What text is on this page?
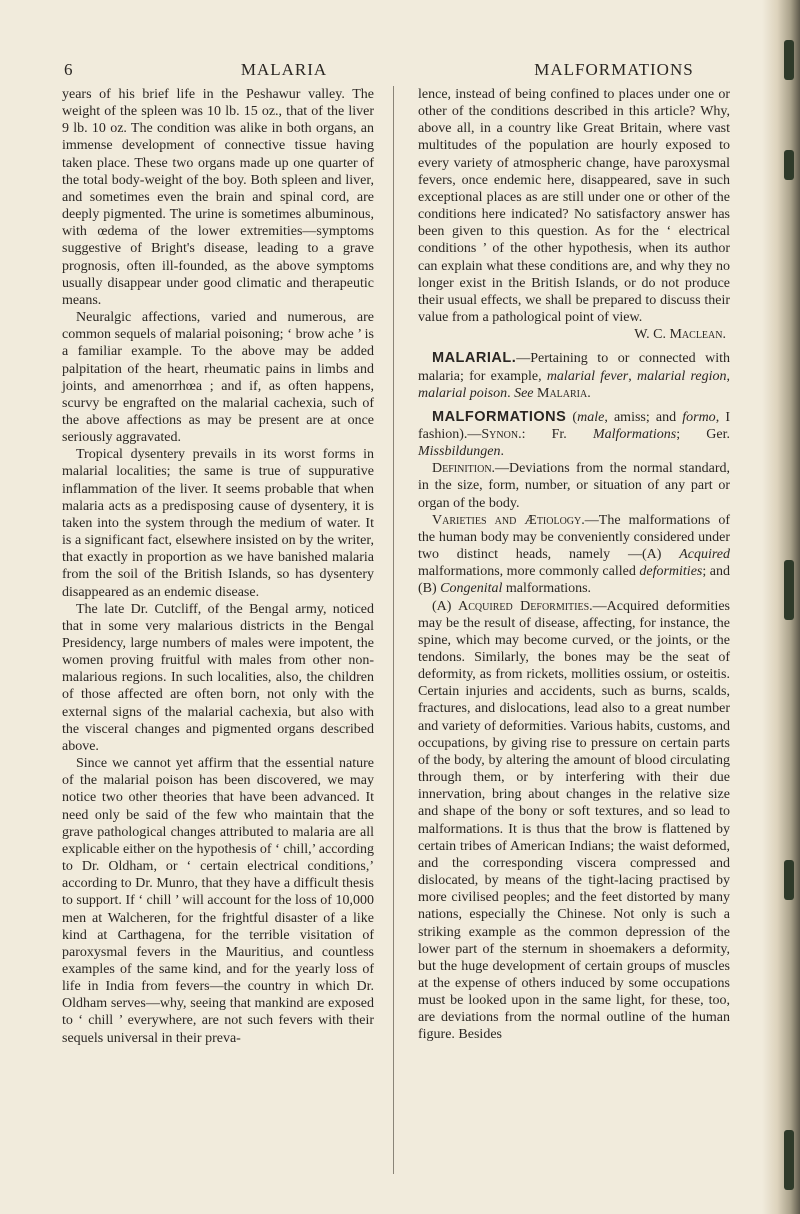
6	MALARIA	MALFORMATIONS

years of his brief life in the Peshawur valley. The weight of the spleen was 10 lb. 15 oz., that of the liver 9 lb. 10 oz. The condition was alike in both organs, an immense development of connective tissue having taken place. These two organs made up one quarter of the total body-weight of the boy. Both spleen and liver, and sometimes even the brain and spinal cord, are deeply pigmented. The urine is sometimes albuminous, with œdema of the lower extremities—symptoms suggestive of Bright's disease, leading to a grave prognosis, often ill-founded, as the above symptoms usually disappear under good climatic and therapeutic means.

Neuralgic affections, varied and numerous, are common sequels of malarial poisoning; ‘ brow ache ’ is a familiar example. To the above may be added palpitation of the heart, rheumatic pains in limbs and joints, and amenorrhœa ; and if, as often happens, scurvy be engrafted on the malarial cachexia, such of the above affections as may be present are at once seriously aggravated.

Tropical dysentery prevails in its worst forms in malarial localities; the same is true of suppurative inflammation of the liver. It seems probable that when malaria acts as a predisposing cause of dysentery, it is taken into the system through the medium of water. It is a significant fact, elsewhere insisted on by the writer, that exactly in proportion as we have banished malaria from the soil of the British Islands, so has dysentery disappeared as an endemic disease.

The late Dr. Cutcliff, of the Bengal army, noticed that in some very malarious districts in the Bengal Presidency, large numbers of males were impotent, the women proving fruitful with males from other non-malarious regions. In such localities, also, the children of those affected are often born, not only with the external signs of the malarial cachexia, but also with the visceral changes and pigmented organs described above.

Since we cannot yet affirm that the essential nature of the malarial poison has been discovered, we may notice two other theories that have been advanced. It need only be said of the few who maintain that the grave pathological changes attributed to malaria are all explicable either on the hypothesis of ‘ chill,’ according to Dr. Oldham, or ‘ certain electrical conditions,’ according to Dr. Munro, that they have a difficult thesis to support. If ‘ chill ’ will account for the loss of 10,000 men at Walcheren, for the frightful disaster of a like kind at Carthagena, for the terrible visitation of paroxysmal fevers in the Mauritius, and countless examples of the same kind, and for the yearly loss of life in India from fevers—the country in which Dr. Oldham serves—why, seeing that mankind are exposed to ‘ chill ’ everywhere, are not such fevers with their sequels universal in their preva-

lence, instead of being confined to places under one or other of the conditions described in this article? Why, above all, in a country like Great Britain, where vast multitudes of the population are hourly exposed to every variety of atmospheric change, have paroxysmal fevers, once endemic here, disappeared, save in such exceptional places as are still under one or other of the conditions here indicated? No satisfactory answer has been given to this question. As for the ‘ electrical conditions ’ of the other hypothesis, when its author can explain what these conditions are, and why they no longer exist in the British Islands, or do not produce their usual effects, we shall be prepared to discuss their value from a pathological point of view.

W. C. Maclean.

MALARIAL.—Pertaining to or connected with malaria; for example, malarial fever, malarial region, malarial poison. See Malaria.

MALFORMATIONS (male, amiss; and formo, I fashion).—Synon.: Fr. Malformations; Ger. Missbildungen.

Definition.—Deviations from the normal standard, in the size, form, number, or situation of any part or organ of the body.

Varieties and Ætiology.—The malformations of the human body may be conveniently considered under two distinct heads, namely —(A) Acquired malformations, more commonly called deformities; and (B) Congenital malformations.

(A) Acquired Deformities.—Acquired deformities may be the result of disease, affecting, for instance, the spine, which may become curved, or the joints, or the tendons. Similarly, the bones may be the seat of deformity, as from rickets, mollities ossium, or osteitis. Certain injuries and accidents, such as burns, scalds, fractures, and dislocations, lead also to a great number and variety of deformities. Various habits, customs, and occupations, by giving rise to pressure on certain parts of the body, by altering the amount of blood circulating through them, or by interfering with their due innervation, bring about changes in the relative size and shape of the bony or soft textures, and so lead to malformations. It is thus that the brow is flattened by certain tribes of American Indians; the waist deformed, and the corresponding viscera compressed and dislocated, by means of the tight-lacing practised by more civilised peoples; and the feet distorted by many nations, especially the Chinese. Not only is such a striking example as the common depression of the lower part of the sternum in shoemakers a deformity, but the huge development of certain groups of muscles at the expense of others induced by some occupations must be looked upon in the same light, for these, too, are deviations from the normal outline of the human figure. Besides
